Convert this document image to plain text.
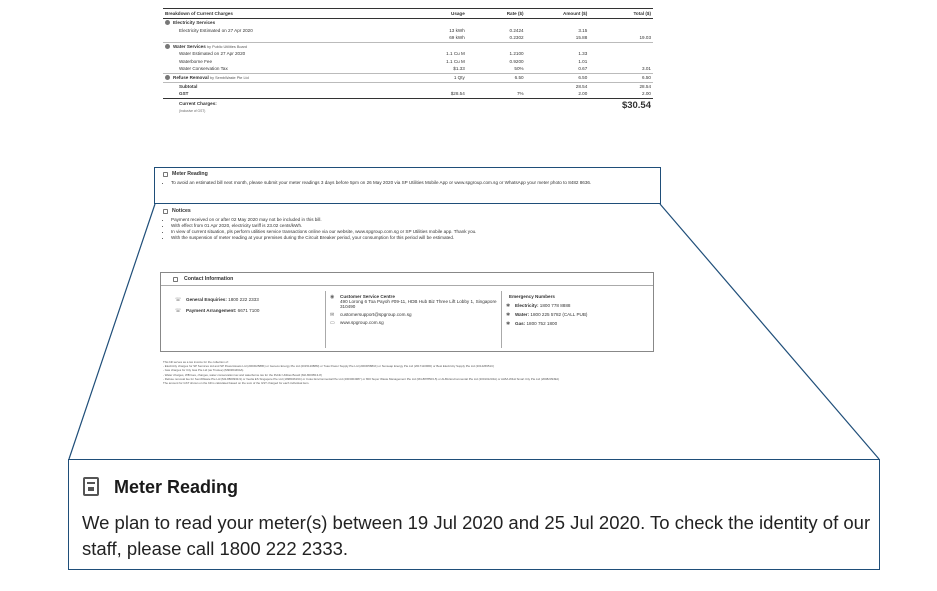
Breakdown of Current Charges	Usage	Rate ($)	Amount ($)	Total ($)
Electricity Services				
Electricity Estimated on 27 Apr 2020	13 kWh	0.2424	3.15	
	69 kWh	0.2302	15.88	19.03
Water Services by Public Utilities Board				
Water Estimated on 27 Apr 2020	1.1 Cu M	1.2100	1.33	
Waterborne Fee	1.1 Cu M	0.9200	1.01	
Water Conservation Tax	$1.33	50%	0.67	3.01
Refuse Removal by SembWaste Pte Ltd	1 Qty	6.50	6.50	6.50
Subtotal			28.54	28.54
GST	$28.54	7%	2.00	2.00
Current Charges:				$30.54
(Inclusive of GST)				
Meter Reading
• To avoid an estimated bill next month, please submit your meter readings 3 days before 5pm on 26 May 2020 via SP Utilities Mobile App or www.spgroup.com.sg or WhatsApp your meter photo to 8482 8636.
Notices
• Payment received on or after 02 May 2020 may not be included in this bill.
• With effect from 01 Apr 2020, electricity tariff is 23.02 cents/kWh.
• In view of current situation, pls perform utilities service transactions online via our website, www.spgroup.com.sg or SP Utilities mobile app. Thank you.
• With the suspension of meter reading at your premises during the Circuit Breaker period, your consumption for this period will be estimated.
Contact Information
☏ General Enquiries: 1800 222 2333
☏ Payment Arrangement: 6671 7100
◉ Customer Service Centre
490 Lorong 6 Toa Payoh #09-11, HDB Hub Biz Three Lift Lobby 1, Singapore 310490
✉ customersupport@spgroup.com.sg
▭ www.spgroup.com.sg
Emergency Numbers
✱ Electricity: 1800 778 8888
✱ Water: 1800 225 5782 (CALL PUB)
✱ Gas: 1800 752 1800
This bill serves as a tax invoice for the collection of:
- Electricity charges for SP Services Ltd and SP PowerAssets Ltd (200302588K) or Geneco Energy Pte Ltd (201512088M) or Tuas Power Supply Pte Ltd (200305881K) or Sunseap Energy Pte Ltd (201711096D) or Best Electricity Supply Pte Ltd (201426951C)
- Gas charges for City Gas Pte Ltd (as Trustee) (M90364464A)
- Water charges, WB fees, charges, water conservation tax and waterborne tax for the Public Utilities Board (M2-8000513-8)
- Refuse removal fee for SembWaste Pte Ltd (M2-8800933-9) or Veolia ES Singapore Pte Ltd (199804619C) or Colex Environmental Pte Ltd (200300498Y) or 800 Super Waste Management Pte Ltd (M4-8878503-5) or ALBA Environmental Pte Ltd (200101234A) or ALBA W&H Smart City Pte Ltd (200823949A)
The amount for GST shown on the bill is calculated based on the sum of the GST charged for each individual item.
Meter Reading
We plan to read your meter(s) between 19 Jul 2020 and 25 Jul 2020. To check the identity of our staff, please call 1800 222 2333.
